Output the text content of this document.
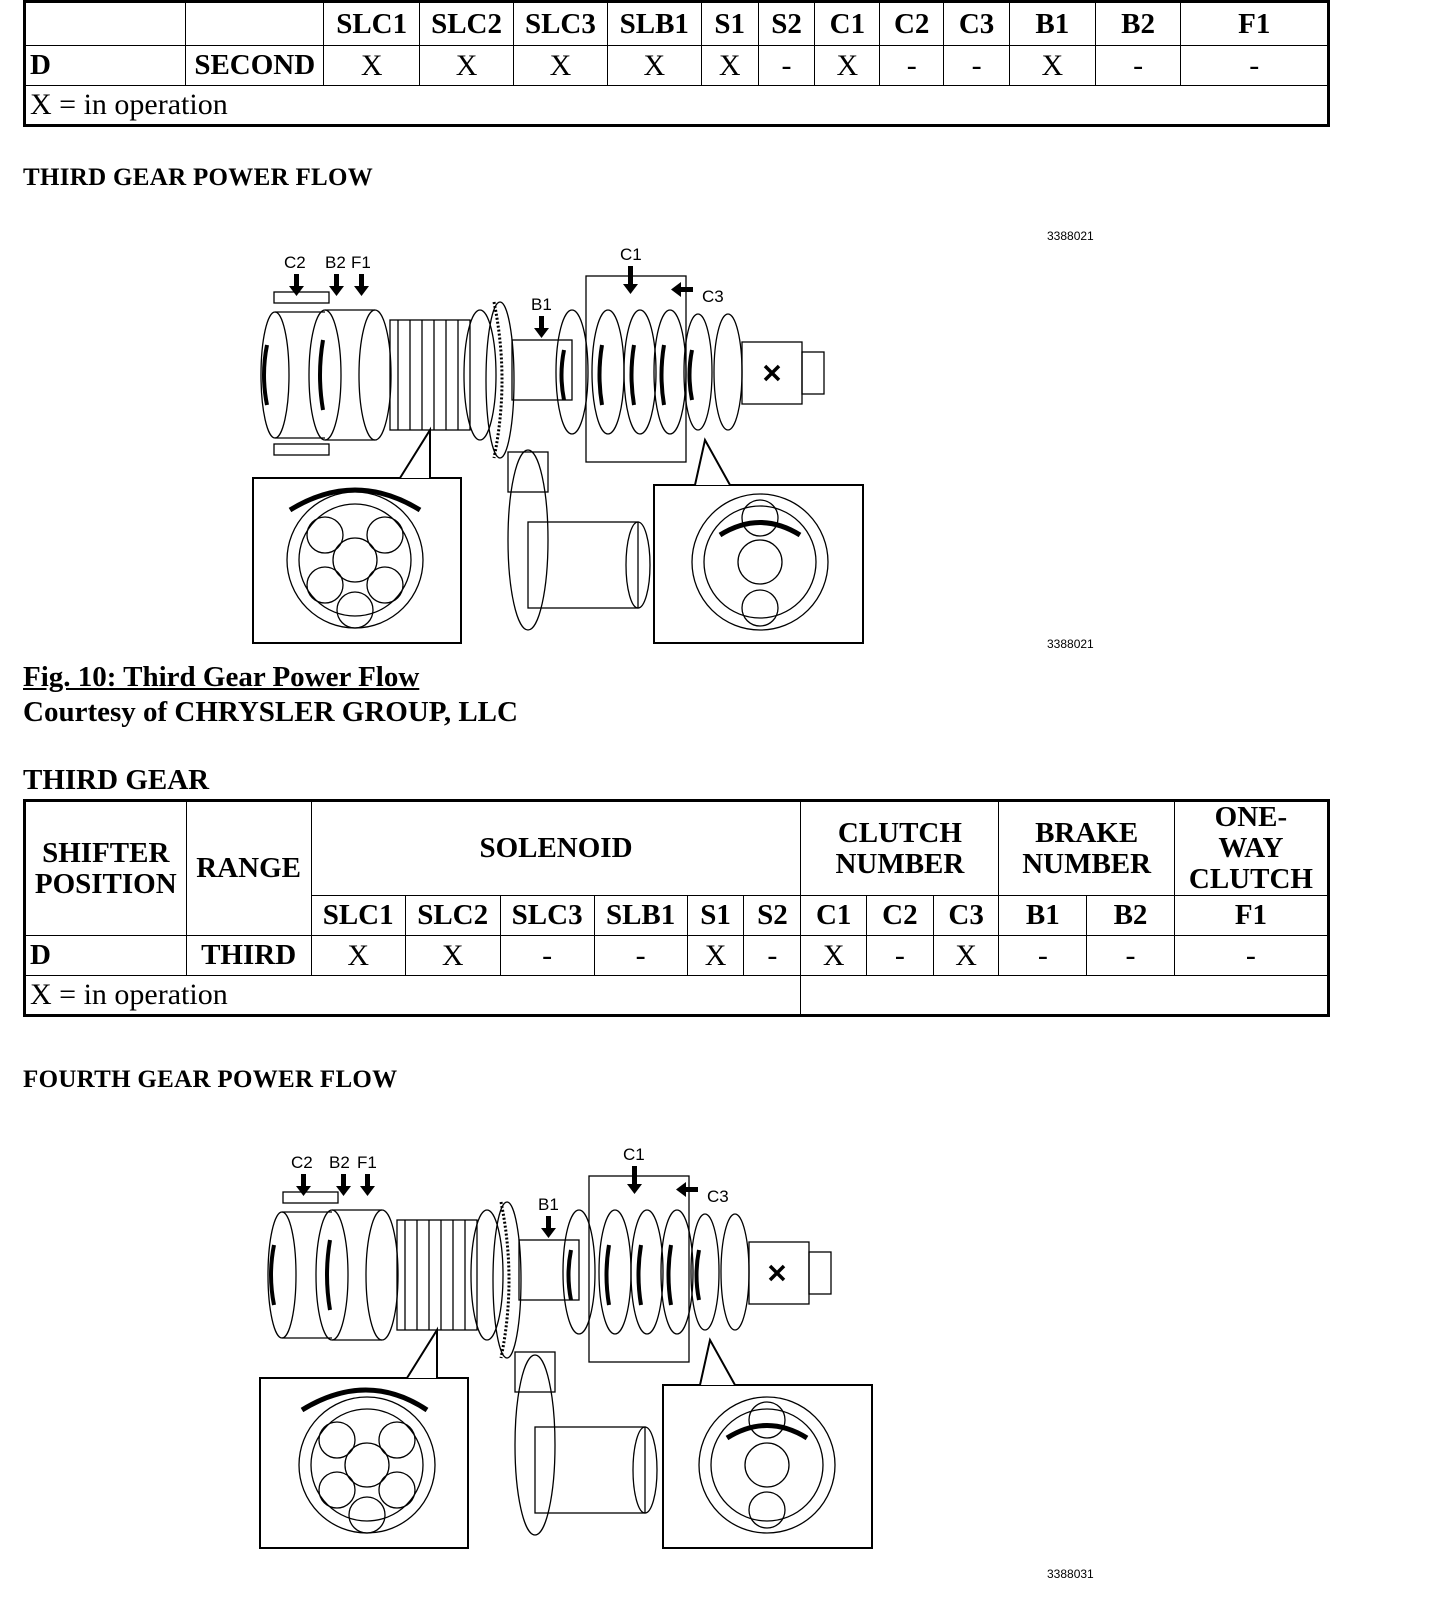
		SLC1	SLC2	SLC3	SLB1	S1	S2	C1	C2	C3	B1	B2	F1
D	SECOND	X	X	X	X	X	-	X	-	-	X	-	-
X = in operation													
THIRD GEAR POWER FLOW
C2 B2 F1	C1
C3
B1
3388021
3388021
Fig. 10: Third Gear Power Flow
Courtesy of CHRYSLER GROUP, LLC
THIRD GEAR
SHIFTER POSITION	RANGE	SOLENOID						CLUTCH NUMBER			BRAKE NUMBER		ONE-WAY CLUTCH
		SLC1	SLC2	SLC3	SLB1	S1	S2	C1	C2	C3	B1	B2	F1
D	THIRD	X	X	-	-	X	-	X	-	X	-	-	-
X = in operation													
FOURTH GEAR POWER FLOW
C2 B2 F1	C1
C3
B1
3388031
